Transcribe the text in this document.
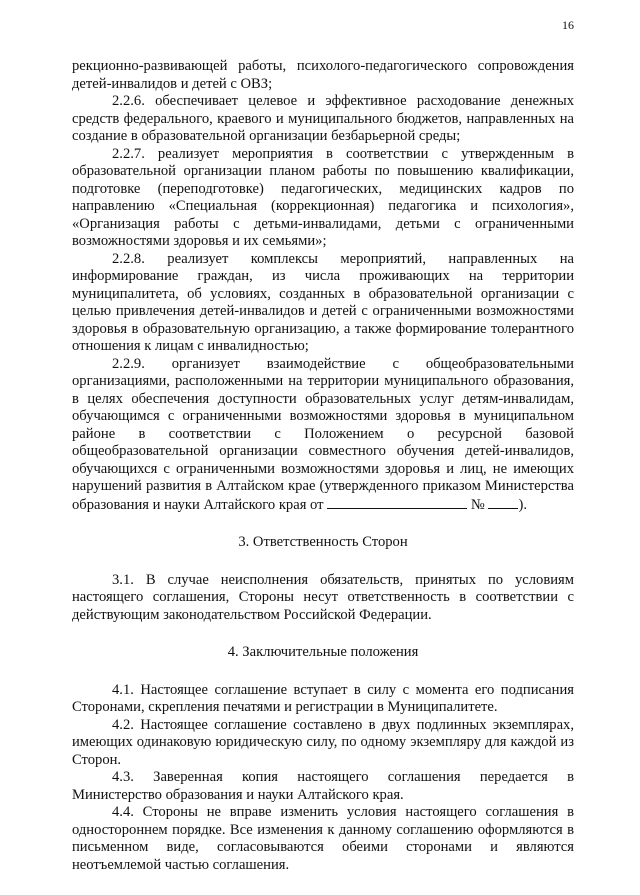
16

рекционно-развивающей работы, психолого-педагогического сопровождения детей-инвалидов и детей с ОВЗ;

2.2.6. обеспечивает целевое и эффективное расходование денежных средств федерального, краевого и муниципального бюджетов, направленных на создание в образовательной организации безбарьерной среды;

2.2.7. реализует мероприятия в соответствии с утвержденным в образовательной организации планом работы по повышению квалификации, подготовке (переподготовке) педагогических, медицинских кадров по направлению «Специальная (коррекционная) педагогика и психология», «Организация работы с детьми-инвалидами, детьми с ограниченными возможностями здоровья и их семьями»;

2.2.8. реализует комплексы мероприятий, направленных на информирование граждан, из числа проживающих на территории муниципалитета, об условиях, созданных в образовательной организации с целью привлечения детей-инвалидов и детей с ограниченными возможностями здоровья в образовательную организацию, а также формирование толерантного отношения к лицам с инвалидностью;

2.2.9. организует взаимодействие с общеобразовательными организациями, расположенными на территории муниципального образования, в целях обеспечения доступности образовательных услуг детям-инвалидам, обучающимся с ограниченными возможностями здоровья в муниципальном районе в соответствии с Положением о ресурсной базовой общеобразовательной организации совместного обучения детей-инвалидов, обучающихся с ограниченными возможностями здоровья и лиц, не имеющих нарушений развития в Алтайском крае (утвержденного приказом Министерства образования и науки Алтайского края от	№ ).

3. Ответственность Сторон

3.1. В случае неисполнения обязательств, принятых по условиям настоящего соглашения, Стороны несут ответственность в соответствии с действующим законодательством Российской Федерации.

4. Заключительные положения

4.1. Настоящее соглашение вступает в силу с момента его подписания Сторонами, скрепления печатями и регистрации в Муниципалитете.

4.2. Настоящее соглашение составлено в двух подлинных экземплярах, имеющих одинаковую юридическую силу, по одному экземпляру для каждой из Сторон.

4.3. Заверенная копия настоящего соглашения передается в Министерство образования и науки Алтайского края.

4.4. Стороны не вправе изменить условия настоящего соглашения в одностороннем порядке. Все изменения к данному соглашению оформляются в письменном виде, согласовываются обеими сторонами и являются неотъемлемой частью соглашения.
